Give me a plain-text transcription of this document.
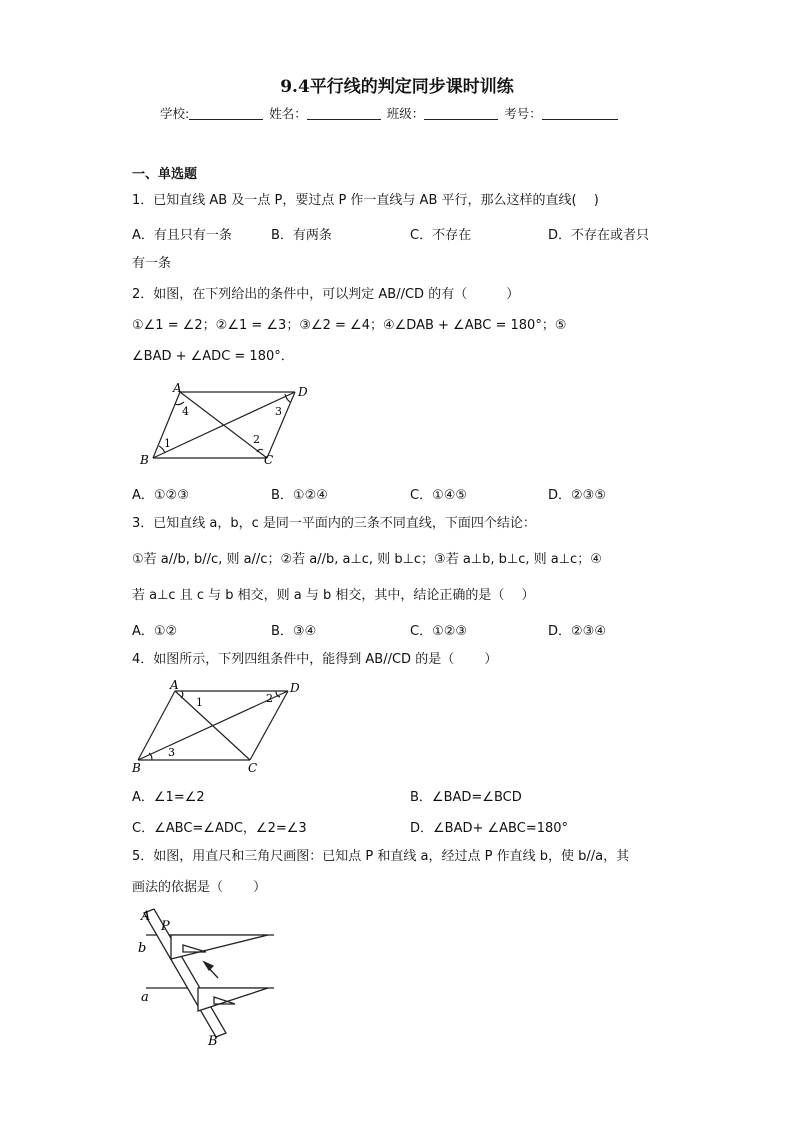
9.4平行线的判定同步课时训练
学校:	姓名：	班级：	考号：
一、单选题
1．已知直线 AB 及一点 P，要过点 P 作一直线与 AB 平行，那么这样的直线(　 )
A．有且只有一条	B．有两条	C．不存在	D．不存在或者只
有一条
2．如图，在下列给出的条件中，可以判定 AB//CD 的有（　　　）
①∠1 = ∠2；②∠1 = ∠3；③∠2 = ∠4；④∠DAB + ∠ABC = 180°；⑤
∠BAD + ∠ADC = 180°．
A	D
B	C
4
1	2
3
A．①②③	B．①②④	C．①④⑤	D．②③⑤
3．已知直线 a，b，c 是同一平面内的三条不同直线，下面四个结论：
①若 a//b, b//c, 则 a//c；②若 a//b, a⊥c, 则 b⊥c；③若 a⊥b, b⊥c, 则 a⊥c；④
若 a⊥c 且 c 与 b 相交，则 a 与 b 相交，其中，结论正确的是（　 ）
A．①②	B．③④	C．①②③	D．②③④
4．如图所示，下列四组条件中，能得到 AB//CD 的是（　　 ）
A	D
B	C
1	2
3
A．∠1=∠2	B．∠BAD=∠BCD
C．∠ABC=∠ADC，∠2=∠3	D．∠BAD+ ∠ABC=180°
5．如图，用直尺和三角尺画图：已知点 P 和直线 a，经过点 P 作直线 b，使 b//a，其
画法的依据是（　　 ）
A
P
b
a
B
